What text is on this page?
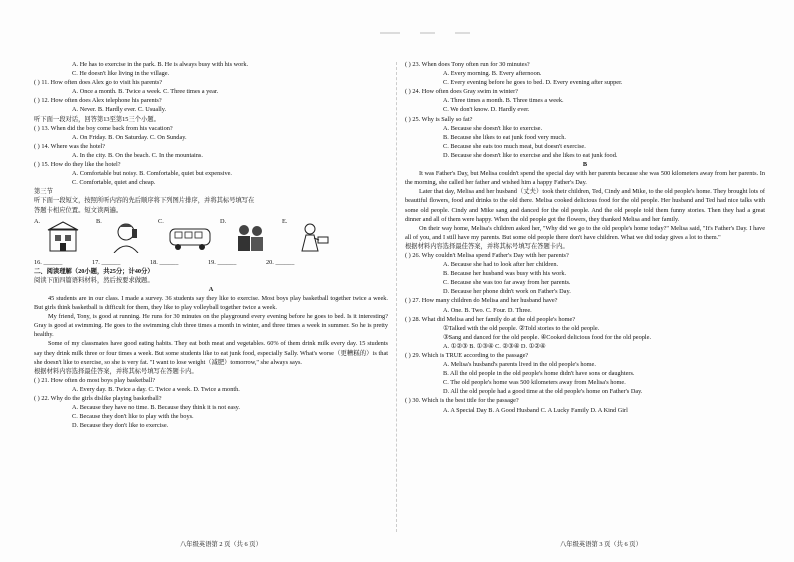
A. He has to exercise in the park. B. He is always busy with his work.
C. He doesn't like living in the village.
( ) 11. How often does Alex go to visit his parents?
A. Once a month. B. Twice a week. C. Three times a year.
( ) 12. How often does Alex telephone his parents?
A. Never. B. Hardly ever. C. Usually.
听下面一段对话，回答第13至第15三个小题。
( ) 13. When did the boy come back from his vacation?
A. On Friday. B. On Saturday. C. On Sunday.
( ) 14. Where was the hotel?
A. In the city. B. On the beach. C. In the mountains.
( ) 15. How do they like the hotel?
A. Comfortable but noisy. B. Comfortable, quiet but expensive.
C. Comfortable, quiet and cheap.
第三节
听下面一段短文，按照所听内容的先后顺序将下列图片排序，并将其标号填写在
答题卡相应位置。短文读两遍。
A.	B.	C.	D.	E.
16. ______	17. ______	18. ______	19. ______	20. ______
二、阅读理解（20小题，共25分；计40分）
阅读下面四篇语料材料，然后按要求做题。
A
45 students are in our class. I made a survey. 36 students say they like to exercise. Most boys play basketball together twice a week. But girls think basketball is difficult for them, they like to play volleyball together twice a week.
My friend, Tony, is good at running. He runs for 30 minutes on the playground every evening before he goes to bed. Is it interesting? Gray is good at swimming. He goes to the swimming club three times a month in winter, and three times a week in summer. So he is pretty healthy.
Some of my classmates have good eating habits. They eat both meat and vegetables. 60% of them drink milk every day. 15 students say they drink milk three or four times a week. But some students like to eat junk food, especially Sally. What's worse（更糟糕的）is that she doesn't like to exercise, so she is very fat. "I want to lose weight（减肥）tomorrow," she always says.
根据材料内容选择最佳答案，并将其标号填写在答题卡内。
( ) 21. How often do most boys play basketball?
A. Every day. B. Twice a day. C. Twice a week. D. Twice a month.
( ) 22. Why do the girls dislike playing basketball?
A. Because they have no time. B. Because they think it is not easy.
C. Because they don't like to play with the boys.
D. Because they don't like to exercise.
( ) 23. When does Tony often run for 30 minutes?
A. Every morning. B. Every afternoon.
C. Every evening before he goes to bed. D. Every evening after supper.
( ) 24. How often does Gray swim in winter?
A. Three times a month. B. Three times a week.
C. We don't know. D. Hardly ever.
( ) 25. Why is Sally so fat?
A. Because she doesn't like to exercise.
B. Because she likes to eat junk food very much.
C. Because she eats too much meat, but doesn't exercise.
D. Because she doesn't like to exercise and she likes to eat junk food.
B
It was Father's Day, but Melisa couldn't spend the special day with her parents because she was 500 kilometers away from her parents. In the morning, she called her father and wished him a happy Father's Day.
Later that day, Melisa and her husband（丈夫）took their children, Ted, Cindy and Mike, to the old people's home. They brought lots of beautiful flowers, food and drinks to the old there. Melisa cooked delicious food for the old people. Her husband and Ted had nice talks with some old people. Cindy and Mike sang and danced for the old people. And the old people told them funny stories. Then they had a great dinner and all of them were happy. When the old people got the flowers, they thanked Melisa and her family.
On their way home, Melisa's children asked her, "Why did we go to the old people's home today?" Melisa said, "It's Father's Day. I have all of you, and I still have my parents. But some old people there don't have children. What we did today gives a lot to them."
根据材料内容选择最佳答案，并将其标号填写在答题卡内。
( ) 26. Why couldn't Melisa spend Father's Day with her parents?
A. Because she had to look after her children.
B. Because her husband was busy with his work.
C. Because she was too far away from her parents.
D. Because her phone didn't work on Father's Day.
( ) 27. How many children do Melisa and her husband have?
A. One. B. Two. C. Four. D. Three.
( ) 28. What did Melisa and her family do at the old people's home?
①Talked with the old people. ②Told stories to the old people.
③Sang and danced for the old people. ④Cooked delicious food for the old people.
A. ①②③ B. ①③④ C. ②③④ D. ①②④
( ) 29. Which is TRUE according to the passage?
A. Melisa's husband's parents lived in the old people's home.
B. All the old people in the old people's home didn't have sons or daughters.
C. The old people's home was 500 kilometers away from Melisa's home.
D. All the old people had a good time at the old people's home on Father's Day.
( ) 30. Which is the best title for the passage?
A. A Special Day B. A Good Husband C. A Lucky Family D. A Kind Girl
八年级英语第 2 页（共 6 页）	八年级英语第 3 页（共 6 页）
